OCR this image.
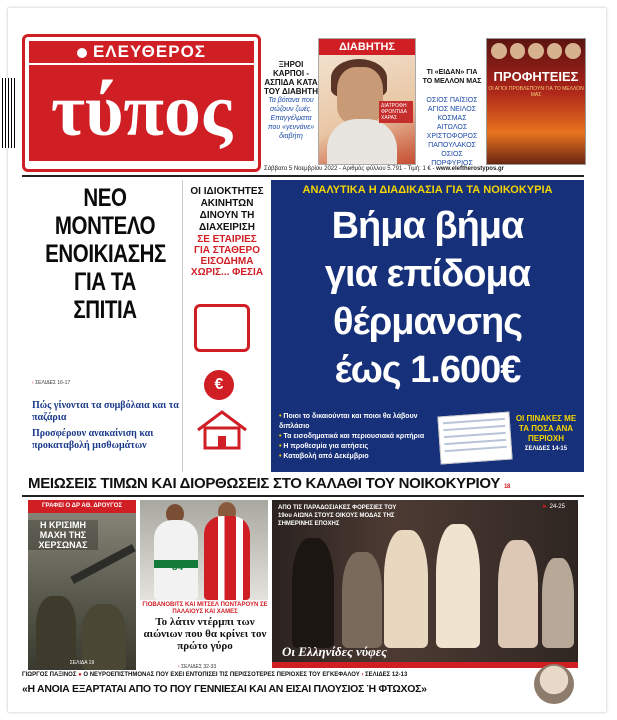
ΕΛΕΥΘΕΡΟΣ
τύπος
ΞΗΡΟΙ ΚΑΡΠΟΙ - ΑΣΠΙΔΑ ΚΑΤΑ ΤΟΥ ΔΙΑΒΗΤΗ
Τα βότανα που σώζουν ζωές. Επαγγέλματα που «γεννάνε» διαβήτη
ΔΙΑΒΗΤΗΣ
ΔΙΑΤΡΟΦΗ ΦΡΟΝΤΙΔΑ ΧΑΡΑΣ
ΤΙ «ΕΙΔΑΝ» ΓΙΑ ΤΟ ΜΕΛΛΟΝ ΜΑΣ
ΟΣΙΟΣ ΠΑΪΣΙΟΣ ΑΓΙΟΣ ΝΕΙΛΟΣ ΚΟΣΜΑΣ ΑΙΤΩΛΟΣ ΧΡΙΣΤΟΦΟΡΟΣ ΠΑΠΟΥΛΑΚΟΣ ΟΣΙΟΣ ΠΟΡΦΥΡΙΟΣ
ΠΡΟΦΗΤΕΙΕΣ
ΟΙ ΑΓΙΟΙ ΠΡΟΒΛΕΠΟΥΝ ΓΙΑ ΤΟ ΜΕΛΛΟΝ ΜΑΣ
Σάββατο 5 Νοεμβρίου 2022 - Αριθμός φύλλου 5.791 - Τιμή: 1 € - www.eleftherostypos.gr
ΝΕΟ ΜΟΝΤΕΛΟ ΕΝΟΙΚΙΑΣΗΣ ΓΙΑ ΤΑ ΣΠΙΤΙΑ
› ΣΕΛΙΔΕΣ 16-17
ΟΙ ΙΔΙΟΚΤΗΤΕΣ ΑΚΙΝΗΤΩΝ ΔΙΝΟΥΝ ΤΗ ΔΙΑΧΕΙΡΙΣΗ
ΣΕ ΕΤΑΙΡΙΕΣ ΓΙΑ ΣΤΑΘΕΡΟ ΕΙΣΟΔΗΜΑ ΧΩΡΙΣ... ΦΕΣΙΑ
€

Πώς γίνονται τα συμβόλαια και τα παζάρια

Προσφέρουν ανακαίνιση και προκαταβολή μισθωμάτων

ΑΝΑΛΥΤΙΚΑ Η ΔΙΑΔΙΚΑΣΙΑ ΓΙΑ ΤΑ ΝΟΙΚΟΚΥΡΙΑ
Βήμα βήμα
για επίδομα
θέρμανσης
έως 1.600€
• Ποιοι το δικαιούνται και ποιοι θα λάβουν διπλάσιο
• Τα εισοδηματικά και περιουσιακά κριτήρια
• Η προθεσμία για αιτήσεις
• Καταβολή από Δεκέμβριο
ΟΙ ΠΙΝΑΚΕΣ ΜΕ ΤΑ ΠΟΣΑ ΑΝΑ ΠΕΡΙΟΧΗ
ΣΕΛΙΔΕΣ 14-15
ΜΕΙΩΣΕΙΣ ΤΙΜΩΝ ΚΑΙ ΔΙΟΡΘΩΣΕΙΣ ΣΤΟ ΚΑΛΑΘΙ ΤΟΥ ΝΟΙΚΟΚΥΡΙΟΥ 18
ΓΡΑΦΕΙ Ο ΔΡ ΑΘ. ΔΡΟΥΓΟΣ
Η ΚΡΙΣΙΜΗ ΜΑΧΗ ΤΗΣ ΧΕΡΣΩΝΑΣ
ΣΕΛΙΔΑ 19
34
ΓΙΟΒΑΝΟΒΙΤΣ ΚΑΙ ΜΙΤΣΕΛ ΠΟΝΤΑΡΟΥΝ ΣΕ ΠΑΛΑΙΟΥΣ ΚΑΙ ΧΑΜΕΣ
Το λάτιν ντέρμπι των αιώνιων που θα κρίνει τον πρώτο γύρο
› ΣΕΛΙΔΕΣ 32-33
ΑΠΟ ΤΙΣ ΠΑΡΑΔΟΣΙΑΚΕΣ ΦΟΡΕΣΙΕΣ ΤΟΥ 19ου ΑΙΩΝΑ ΣΤΟΥΣ ΟΙΚΟΥΣ ΜΟΔΑΣ ΤΗΣ ΣΗΜΕΡΙΝΗΣ ΕΠΟΧΗΣ
► 24-25
Οι Ελληνίδες νύφες
ΓΙΩΡΓΟΣ ΠΑΞΙΝΟΣ ● Ο ΝΕΥΡΟΕΠΙΣΤΗΜΟΝΑΣ ΠΟΥ ΕΧΕΙ ΕΝΤΟΠΙΣΕΙ ΤΙΣ ΠΕΡΙΣΣΟΤΕΡΕΣ ΠΕΡΙΟΧΕΣ ΤΟΥ ΕΓΚΕΦΑΛΟΥ › ΣΕΛΙΔΕΣ 12-13
«Η ΑΝΟΙΑ ΕΞΑΡΤΑΤΑΙ ΑΠΟ ΤΟ ΠΟΥ ΓΕΝΝΙΕΣΑΙ ΚΑΙ ΑΝ ΕΙΣΑΙ ΠΛΟΥΣΙΟΣ Ή ΦΤΩΧΟΣ»
